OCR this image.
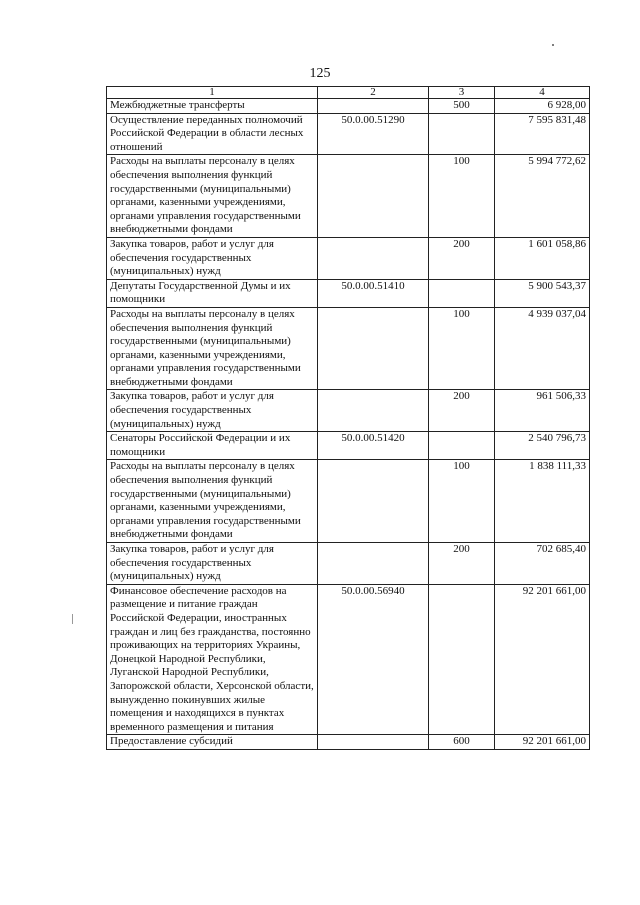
125
1	2	3	4
Межбюджетные трансферты		500	6 928,00
Осуществление переданных полномочий Российской Федерации в области лесных отношений	50.0.00.51290		7 595 831,48
Расходы на выплаты персоналу в целях обеспечения выполнения функций государственными (муниципальными) органами, казенными учреждениями, органами управления государственными внебюджетными фондами		100	5 994 772,62
Закупка товаров, работ и услуг для обеспечения государственных (муниципальных) нужд		200	1 601 058,86
Депутаты Государственной Думы и их помощники	50.0.00.51410		5 900 543,37
Расходы на выплаты персоналу в целях обеспечения выполнения функций государственными (муниципальными) органами, казенными учреждениями, органами управления государственными внебюджетными фондами		100	4 939 037,04
Закупка товаров, работ и услуг для обеспечения государственных (муниципальных) нужд		200	961 506,33
Сенаторы Российской Федерации и их помощники	50.0.00.51420		2 540 796,73
Расходы на выплаты персоналу в целях обеспечения выполнения функций государственными (муниципальными) органами, казенными учреждениями, органами управления государственными внебюджетными фондами		100	1 838 111,33
Закупка товаров, работ и услуг для обеспечения государственных (муниципальных) нужд		200	702 685,40
Финансовое обеспечение расходов на размещение и питание граждан Российской Федерации, иностранных граждан и лиц без гражданства, постоянно проживающих на территориях Украины, Донецкой Народной Республики, Луганской Народной Республики, Запорожской области, Херсонской области, вынужденно покинувших жилые помещения и находящихся в пунктах временного размещения и питания	50.0.00.56940		92 201 661,00
Предоставление субсидий		600	92 201 661,00
